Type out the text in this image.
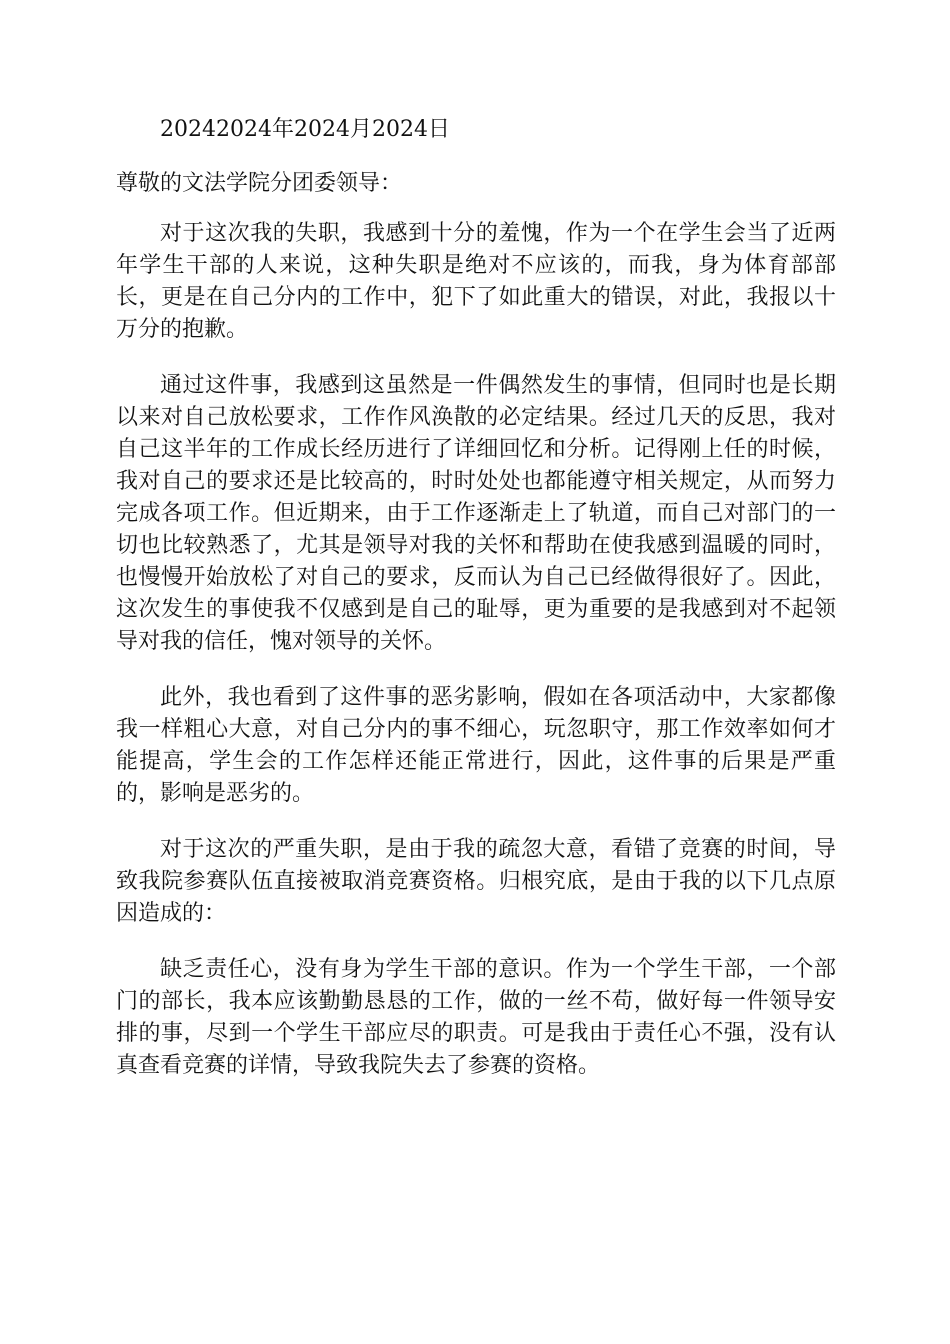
20242024年2024月2024日
尊敬的文法学院分团委领导：
对于这次我的失职，我感到十分的羞愧，作为一个在学生会当了近两
年学生干部的人来说，这种失职是绝对不应该的，而我，身为体育部部
长，更是在自己分内的工作中，犯下了如此重大的错误，对此，我报以十
万分的抱歉。
通过这件事，我感到这虽然是一件偶然发生的事情，但同时也是长期
以来对自己放松要求，工作作风涣散的必定结果。经过几天的反思，我对
自己这半年的工作成长经历进行了详细回忆和分析。记得刚上任的时候，
我对自己的要求还是比较高的，时时处处也都能遵守相关规定，从而努力
完成各项工作。但近期来，由于工作逐渐走上了轨道，而自己对部门的一
切也比较熟悉了，尤其是领导对我的关怀和帮助在使我感到温暖的同时，
也慢慢开始放松了对自己的要求，反而认为自己已经做得很好了。因此，
这次发生的事使我不仅感到是自己的耻辱，更为重要的是我感到对不起领
导对我的信任，愧对领导的关怀。
此外，我也看到了这件事的恶劣影响，假如在各项活动中，大家都像
我一样粗心大意，对自己分内的事不细心，玩忽职守，那工作效率如何才
能提高，学生会的工作怎样还能正常进行，因此，这件事的后果是严重
的，影响是恶劣的。
对于这次的严重失职，是由于我的疏忽大意，看错了竞赛的时间，导
致我院参赛队伍直接被取消竞赛资格。归根究底，是由于我的以下几点原
因造成的：
缺乏责任心，没有身为学生干部的意识。作为一个学生干部，一个部
门的部长，我本应该勤勤恳恳的工作，做的一丝不苟，做好每一件领导安
排的事，尽到一个学生干部应尽的职责。可是我由于责任心不强，没有认
真查看竞赛的详情，导致我院失去了参赛的资格。
